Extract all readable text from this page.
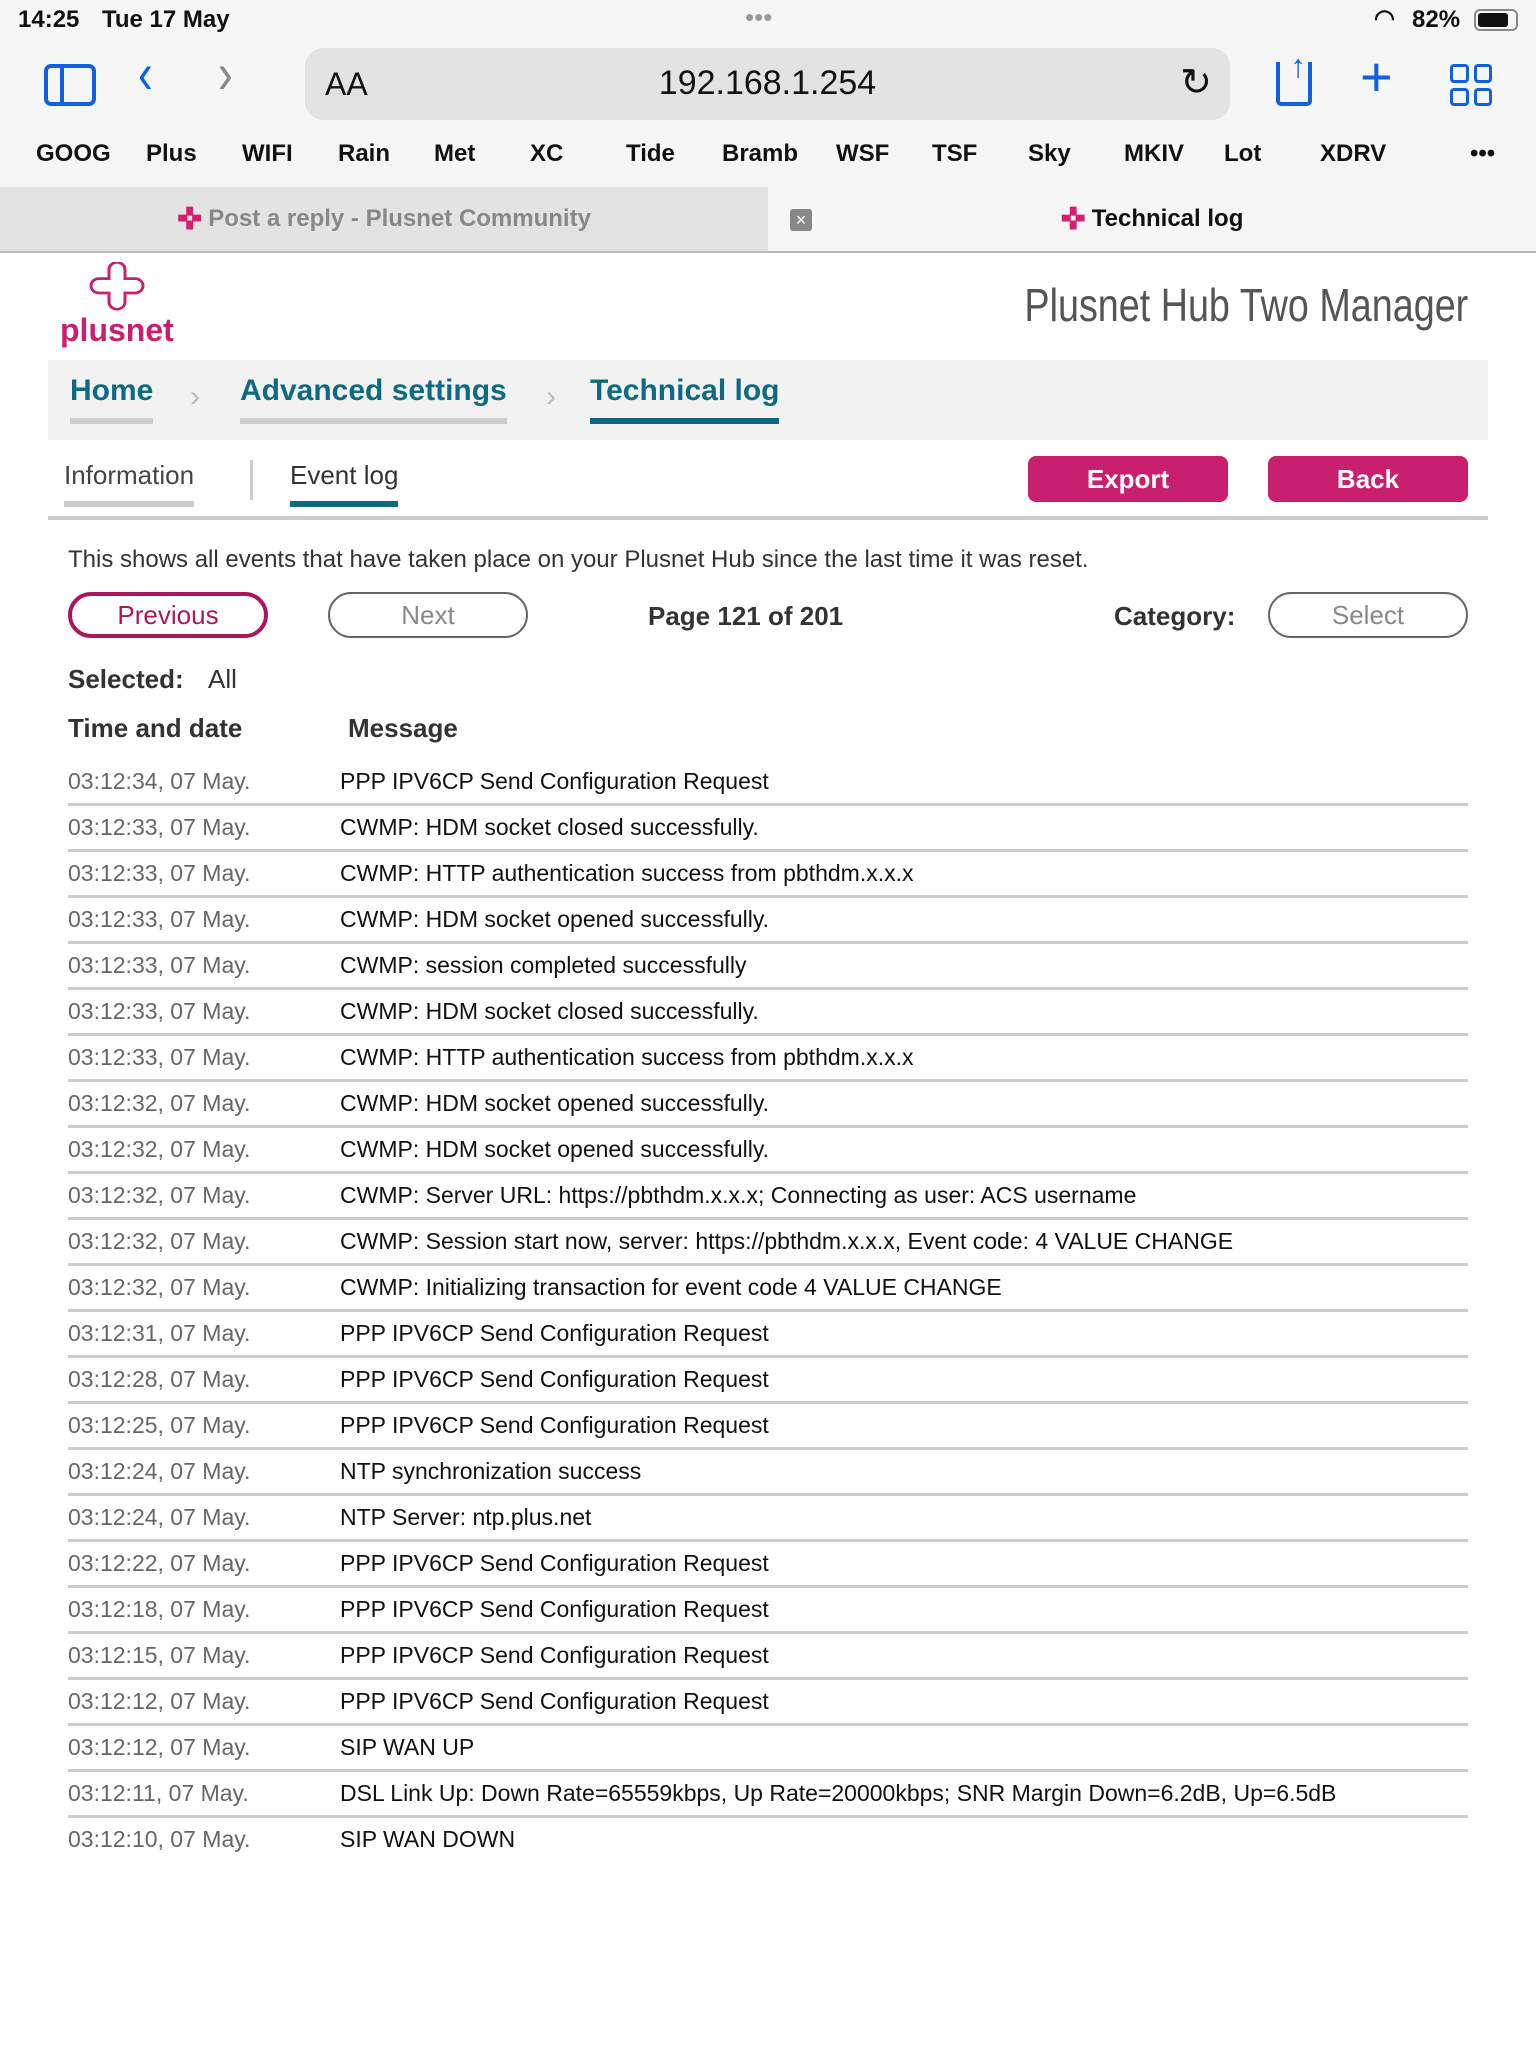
14:25 Tue 17 May	•••	◠ 82%
‹ ›	AA	192.168.1.254	↻ ↑ +
GOOG Plus WIFI Rain Met XC	Tide Bramb WSF TSF Sky MKIV Lot XDRV	•••
✜ Post a reply - Plusnet Community	×	✜ Technical log
plusnet	Plusnet Hub Two Manager
Home › Advanced settings › Technical log
Information	Event log	Export	Back
This shows all events that have taken place on your Plusnet Hub since the last time it was reset.
Previous	Next	Page 121 of 201	Category:	Select
Selected: All
Time and date	Message
03:12:34, 07 May.	PPP IPV6CP Send Configuration Request
03:12:33, 07 May.	CWMP: HDM socket closed successfully.
03:12:33, 07 May.	CWMP: HTTP authentication success from pbthdm.x.x.x
03:12:33, 07 May.	CWMP: HDM socket opened successfully.
03:12:33, 07 May.	CWMP: session completed successfully
03:12:33, 07 May.	CWMP: HDM socket closed successfully.
03:12:33, 07 May.	CWMP: HTTP authentication success from pbthdm.x.x.x
03:12:32, 07 May.	CWMP: HDM socket opened successfully.
03:12:32, 07 May.	CWMP: HDM socket opened successfully.
03:12:32, 07 May.	CWMP: Server URL: https://pbthdm.x.x.x; Connecting as user: ACS username
03:12:32, 07 May.	CWMP: Session start now, server: https://pbthdm.x.x.x, Event code: 4 VALUE CHANGE
03:12:32, 07 May.	CWMP: Initializing transaction for event code 4 VALUE CHANGE
03:12:31, 07 May.	PPP IPV6CP Send Configuration Request
03:12:28, 07 May.	PPP IPV6CP Send Configuration Request
03:12:25, 07 May.	PPP IPV6CP Send Configuration Request
03:12:24, 07 May.	NTP synchronization success
03:12:24, 07 May.	NTP Server: ntp.plus.net
03:12:22, 07 May.	PPP IPV6CP Send Configuration Request
03:12:18, 07 May.	PPP IPV6CP Send Configuration Request
03:12:15, 07 May.	PPP IPV6CP Send Configuration Request
03:12:12, 07 May.	PPP IPV6CP Send Configuration Request
03:12:12, 07 May.	SIP WAN UP
03:12:11, 07 May.	DSL Link Up: Down Rate=65559kbps, Up Rate=20000kbps; SNR Margin Down=6.2dB, Up=6.5dB
03:12:10, 07 May.	SIP WAN DOWN
